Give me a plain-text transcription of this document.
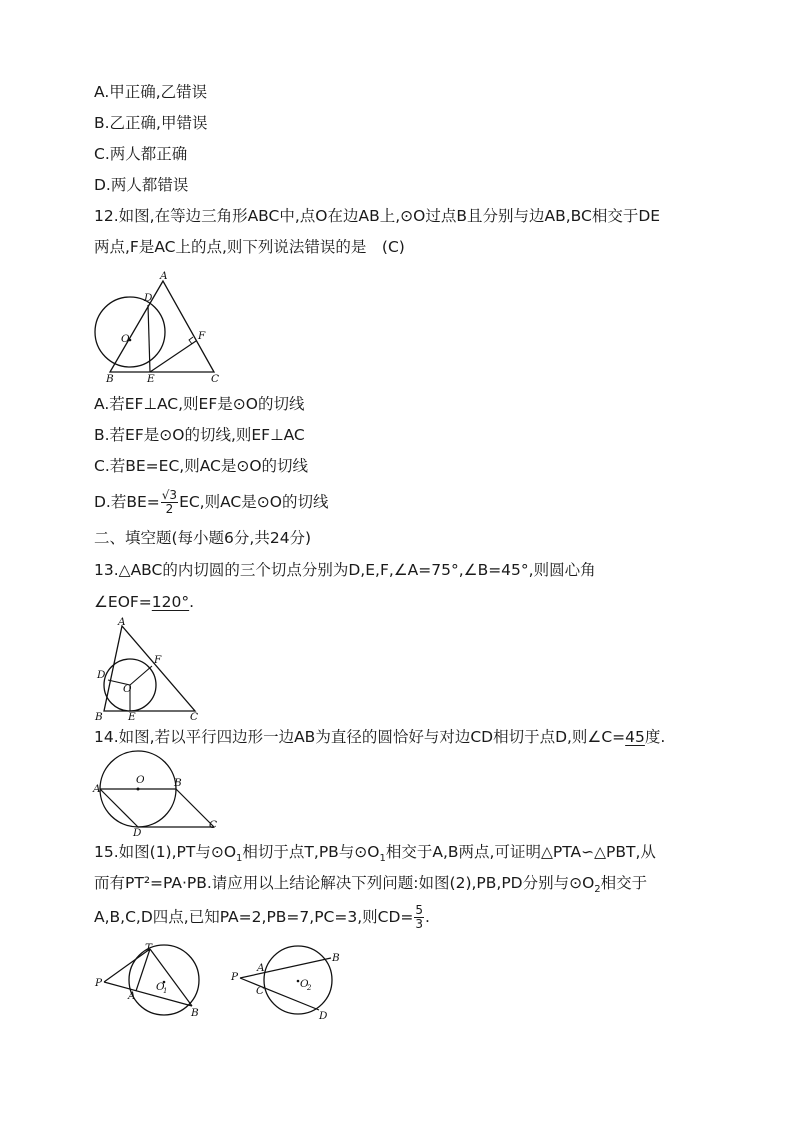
A.甲正确,乙错误
B.乙正确,甲错误
C.两人都正确
D.两人都错误
12.如图,在等边三角形ABC中,点O在边AB上,⊙O过点B且分别与边AB,BC相交于DE
两点,F是AC上的点,则下列说法错误的是　(C)
A
D
O	F
B	E	C
A.若EF⊥AC,则EF是⊙O的切线
B.若EF是⊙O的切线,则EF⊥AC
C.若BE=EC,则AC是⊙O的切线
D.若$BE= \frac{√3}{2}$ EC,则AC是⊙O的切线
二、填空题(每小题6分,共24分)
13.△ABC的内切圆的三个切点分别为D,E,F,∠A=75°,∠B=45°,则圆心角
∠EOF=120°.
A
D
F
O
B E	C
14.如图,若以平行四边形一边AB为直径的圆恰好与对边CD相切于点D,则∠C=45度.
O
A	B
D
C
15.如图(1),PT与$⊙O_1$相切于点T,PB与$⊙O_1$相交于A,B两点,可证明△PTA∽△PBT,从
而有PT²=PA·PB.请应用以上结论解决下列问题:如图(2),PB,PD分别与$⊙O_2$相交于
A,B,C,D四点,已知PA=2,PB=7,PC=3,则$CD= \frac{5}{3}$ .
T
P
A
O
1
B
P
A
C
B
O
2
D
